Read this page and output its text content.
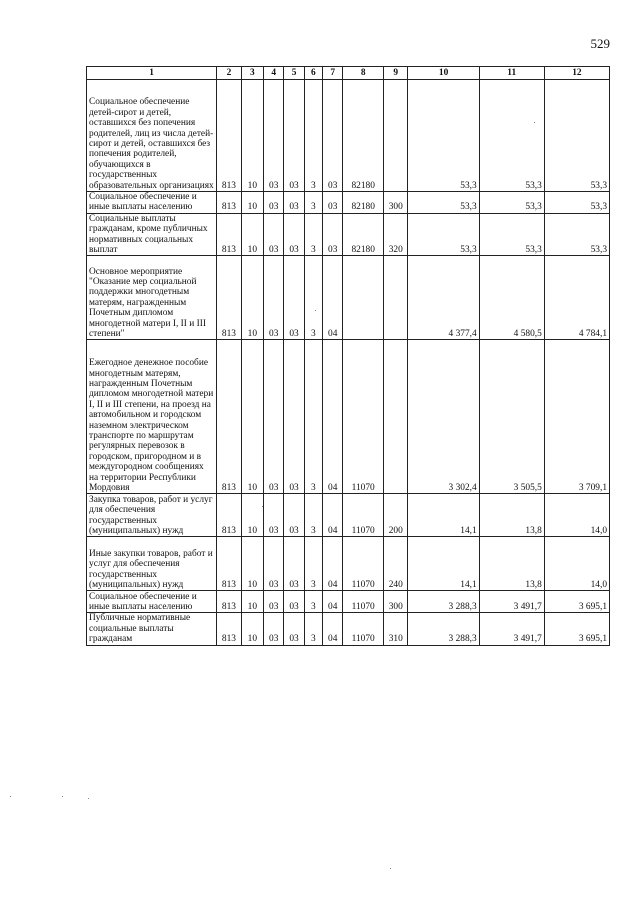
529
1	2	3	4	5	6	7	8	9	10	11	12

Социальное обеспечение детей-сирот и детей, оставшихся без попечения родителей, лиц из числа детей-сирот и детей, оставшихся без попечения родителей, обучающихся в государственных образовательных организациях	813	10	03	03	3	03	82180		53,3	53,3	53,3

Социальное обеспечение и иные выплаты населению	813	10	03	03	3	03	82180	300	53,3	53,3	53,3

Социальные выплаты гражданам, кроме публичных нормативных социальных выплат	813	10	03	03	3	03	82180	320	53,3	53,3	53,3

Основное мероприятие "Оказание мер социальной поддержки многодетным матерям, награжденным Почетным дипломом многодетной матери I, II и III степени"	813	10	03	03	3	04			4 377,4	4 580,5	4 784,1

Ежегодное денежное пособие многодетным матерям, награжденным Почетным дипломом многодетной матери I, II и III степени, на проезд на автомобильном и городском наземном электрическом транспорте по маршрутам регулярных перевозок в городском, пригородном и в междугородном сообщениях на территории Республики Мордовия	813	10	03	03	3	04	11070		3 302,4	3 505,5	3 709,1

Закупка товаров, работ и услуг для обеспечения государственных (муниципальных) нужд	813	10	03	03	3	04	11070	200	14,1	13,8	14,0

Иные закупки товаров, работ и услуг для обеспечения государственных (муниципальных) нужд	813	10	03	03	3	04	11070	240	14,1	13,8	14,0

Социальное обеспечение и иные выплаты населению	813	10	03	03	3	04	11070	300	3 288,3	3 491,7	3 695,1

Публичные нормативные социальные выплаты гражданам	813	10	03	03	3	04	11070	310	3 288,3	3 491,7	3 695,1
